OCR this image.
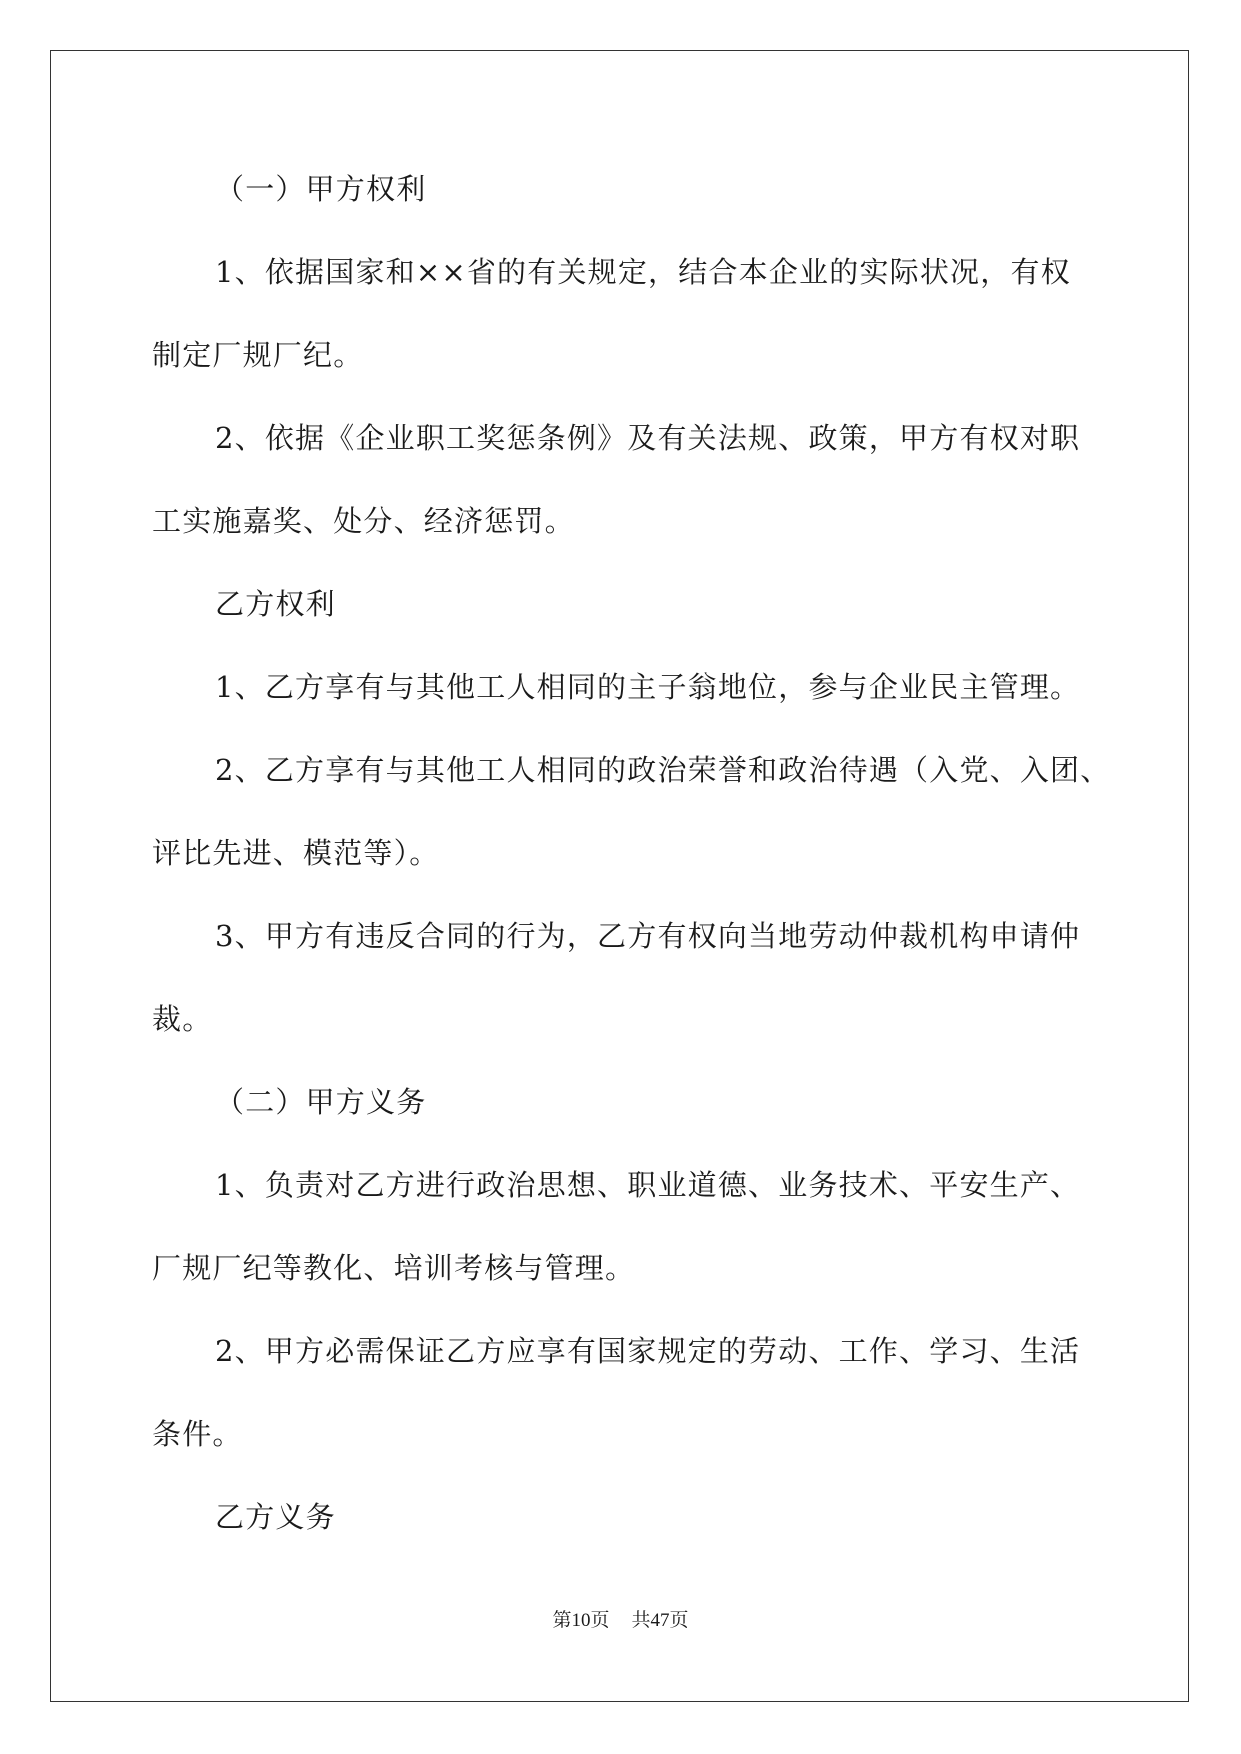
（一）甲方权利

1、依据国家和××省的有关规定，结合本企业的实际状况，有权

制定厂规厂纪。

2、依据《企业职工奖惩条例》及有关法规、政策，甲方有权对职

工实施嘉奖、处分、经济惩罚。

乙方权利

1、乙方享有与其他工人相同的主子翁地位，参与企业民主管理。

2、乙方享有与其他工人相同的政治荣誉和政治待遇（入党、入团、

评比先进、模范等）。

3、甲方有违反合同的行为，乙方有权向当地劳动仲裁机构申请仲

裁。

（二）甲方义务

1、负责对乙方进行政治思想、职业道德、业务技术、平安生产、

厂规厂纪等教化、培训考核与管理。

2、甲方必需保证乙方应享有国家规定的劳动、工作、学习、生活

条件。

乙方义务

第10页 共47页
